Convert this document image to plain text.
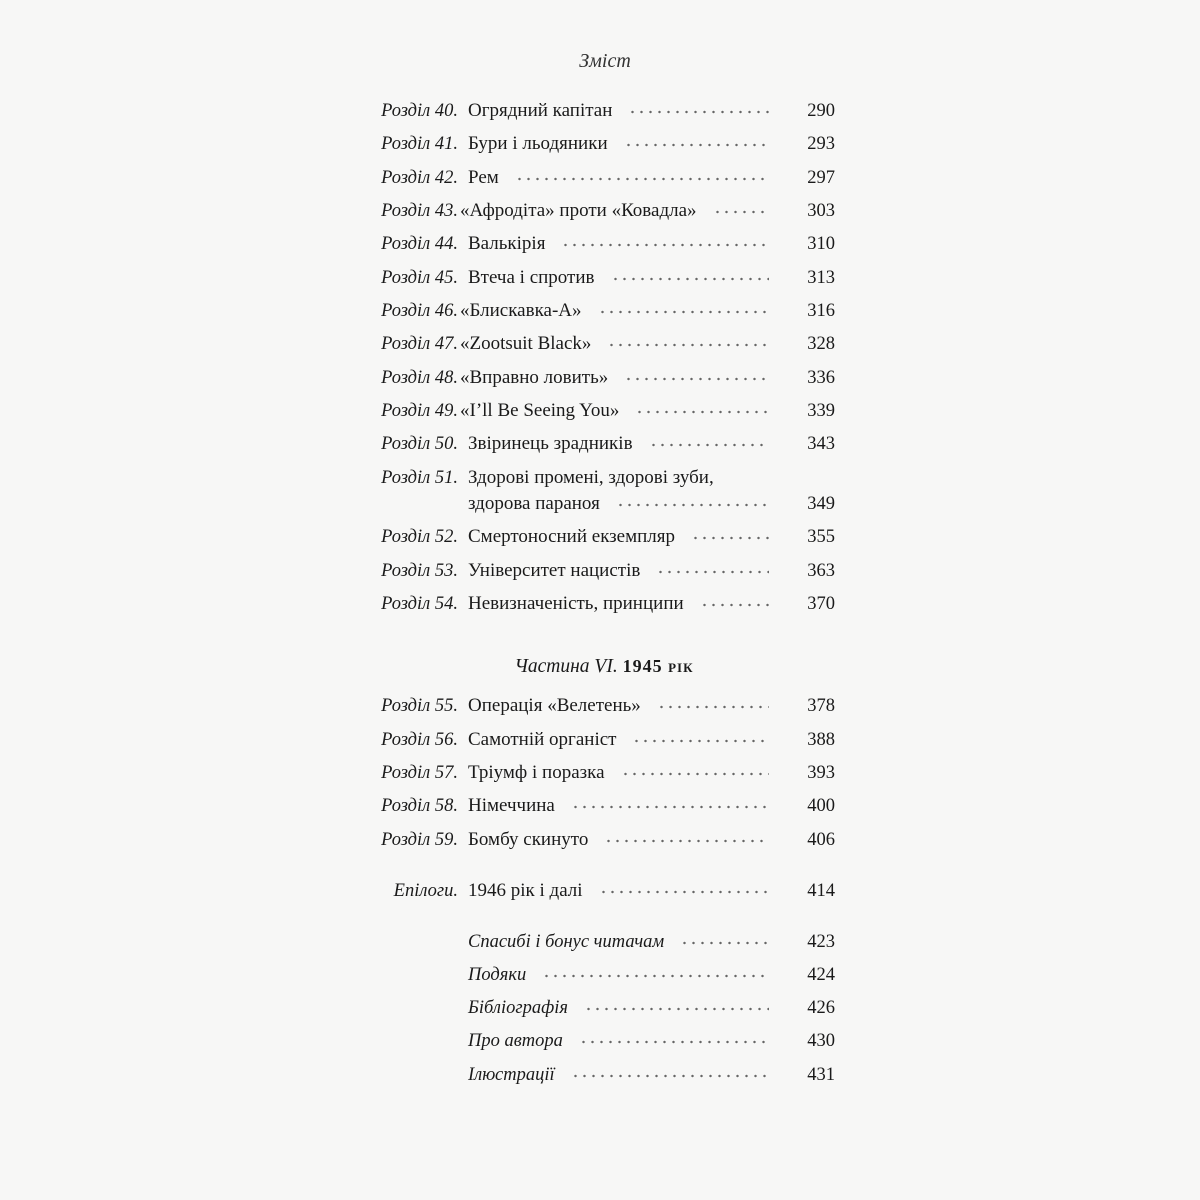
Зміст
Розділ 40. Огрядний капітан	290
Розділ 41. Бури і льодяники	293
Розділ 42. Рем	297
Розділ 43. «Афродіта» проти «Ковадла»	303
Розділ 44. Валькірія	310
Розділ 45. Втеча і спротив	313
Розділ 46. «Блискавка-А»	316
Розділ 47. «Zootsuit Black»	328
Розділ 48. «Вправно ловить»	336
Розділ 49. «I’ll Be Seeing You»	339
Розділ 50. Звіринець зрадників	343
Розділ 51. Здорові промені, здорові зуби,
здорова параноя	349
Розділ 52. Смертоносний екземпляр	355
Розділ 53. Університет нацистів	363
Розділ 54. Невизначеність, принципи	370
Частина VI. 1945 рік
Розділ 55. Операція «Велетень»	378
Розділ 56. Самотній органіст	388
Розділ 57. Тріумф і поразка	393
Розділ 58. Німеччина	400
Розділ 59. Бомбу скинуто	406
Епілоги. 1946 рік і далі	414
Спасибі і бонус читачам	423
Подяки	424
Бібліографія	426
Про автора	430
Ілюстрації	431
